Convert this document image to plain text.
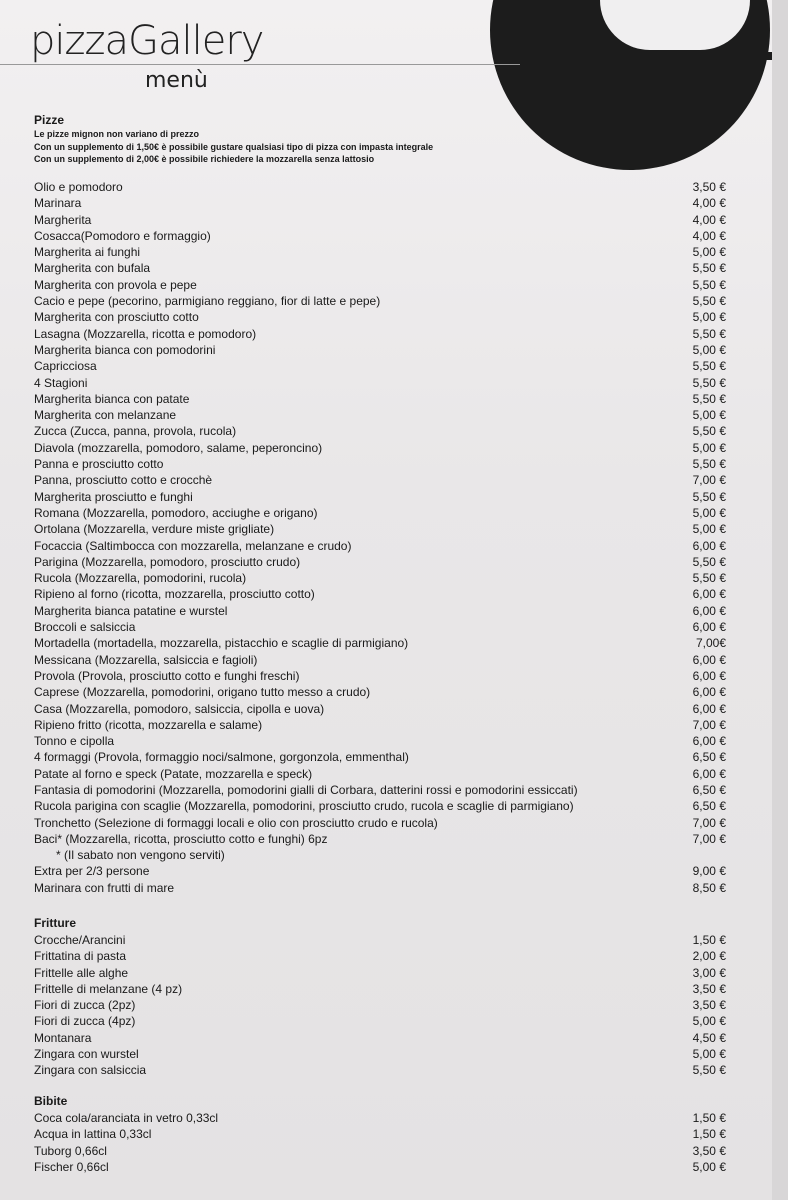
pizzaGallery
menù
Pizze
Le pizze mignon non variano di prezzo
Con un supplemento di 1,50€ è possibile gustare qualsiasi tipo di pizza con impasta integrale
Con un supplemento di 2,00€ è possibile richiedere la mozzarella senza lattosio
Olio e pomodoro	3,50 €
Marinara	4,00 €
Margherita	4,00 €
Cosacca(Pomodoro e formaggio)	4,00 €
Margherita ai funghi	5,00 €
Margherita con bufala	5,50 €
Margherita con provola e pepe	5,50 €
Cacio e pepe (pecorino, parmigiano reggiano, fior di latte e pepe)	5,50 €
Margherita con prosciutto cotto	5,00 €
Lasagna (Mozzarella, ricotta e pomodoro)	5,50 €
Margherita bianca con pomodorini	5,00 €
Capricciosa	5,50 €
4 Stagioni	5,50 €
Margherita bianca con patate	5,50 €
Margherita con melanzane	5,00 €
Zucca (Zucca, panna, provola, rucola)	5,50 €
Diavola (mozzarella, pomodoro, salame, peperoncino)	5,00 €
Panna e prosciutto cotto	5,50 €
Panna, prosciutto cotto e crocchè	7,00 €
Margherita prosciutto e funghi	5,50 €
Romana (Mozzarella, pomodoro, acciughe e origano)	5,00 €
Ortolana (Mozzarella, verdure miste grigliate)	5,00 €
Focaccia (Saltimbocca con mozzarella, melanzane e crudo)	6,00 €
Parigina (Mozzarella, pomodoro, prosciutto crudo)	5,50 €
Rucola (Mozzarella, pomodorini, rucola)	5,50 €
Ripieno al forno (ricotta, mozzarella, prosciutto cotto)	6,00 €
Margherita bianca patatine e wurstel	6,00 €
Broccoli e salsiccia	6,00 €
Mortadella (mortadella, mozzarella, pistacchio e scaglie di parmigiano)	7,00€
Messicana (Mozzarella, salsiccia e fagioli)	6,00 €
Provola (Provola, prosciutto cotto e funghi freschi)	6,00 €
Caprese (Mozzarella, pomodorini, origano tutto messo a crudo)	6,00 €
Casa (Mozzarella, pomodoro, salsiccia, cipolla e uova)	6,00 €
Ripieno fritto (ricotta, mozzarella e salame)	7,00 €
Tonno e cipolla	6,00 €
4 formaggi (Provola, formaggio noci/salmone, gorgonzola, emmenthal)	6,50 €
Patate al forno e speck (Patate, mozzarella e speck)	6,00 €
Fantasia di pomodorini (Mozzarella, pomodorini gialli di Corbara, datterini rossi e pomodorini essiccati)	6,50 €
Rucola parigina con scaglie (Mozzarella, pomodorini, prosciutto crudo, rucola e scaglie di parmigiano)	6,50 €
Tronchetto (Selezione di formaggi locali e olio con prosciutto crudo e rucola)	7,00 €
Baci* (Mozzarella, ricotta, prosciutto cotto e funghi) 6pz	7,00 €
* (Il sabato non vengono serviti)
Extra per 2/3 persone	9,00 €
Marinara con frutti di mare	8,50 €
Fritture
Crocche/Arancini	1,50 €
Frittatina di pasta	2,00 €
Frittelle alle alghe	3,00 €
Frittelle di melanzane (4 pz)	3,50 €
Fiori di zucca (2pz)	3,50 €
Fiori di zucca (4pz)	5,00 €
Montanara	4,50 €
Zingara con wurstel	5,00 €
Zingara con salsiccia	5,50 €
Bibite
Coca cola/aranciata in vetro 0,33cl	1,50 €
Acqua in lattina 0,33cl	1,50 €
Tuborg 0,66cl	3,50 €
Fischer 0,66cl	5,00 €
